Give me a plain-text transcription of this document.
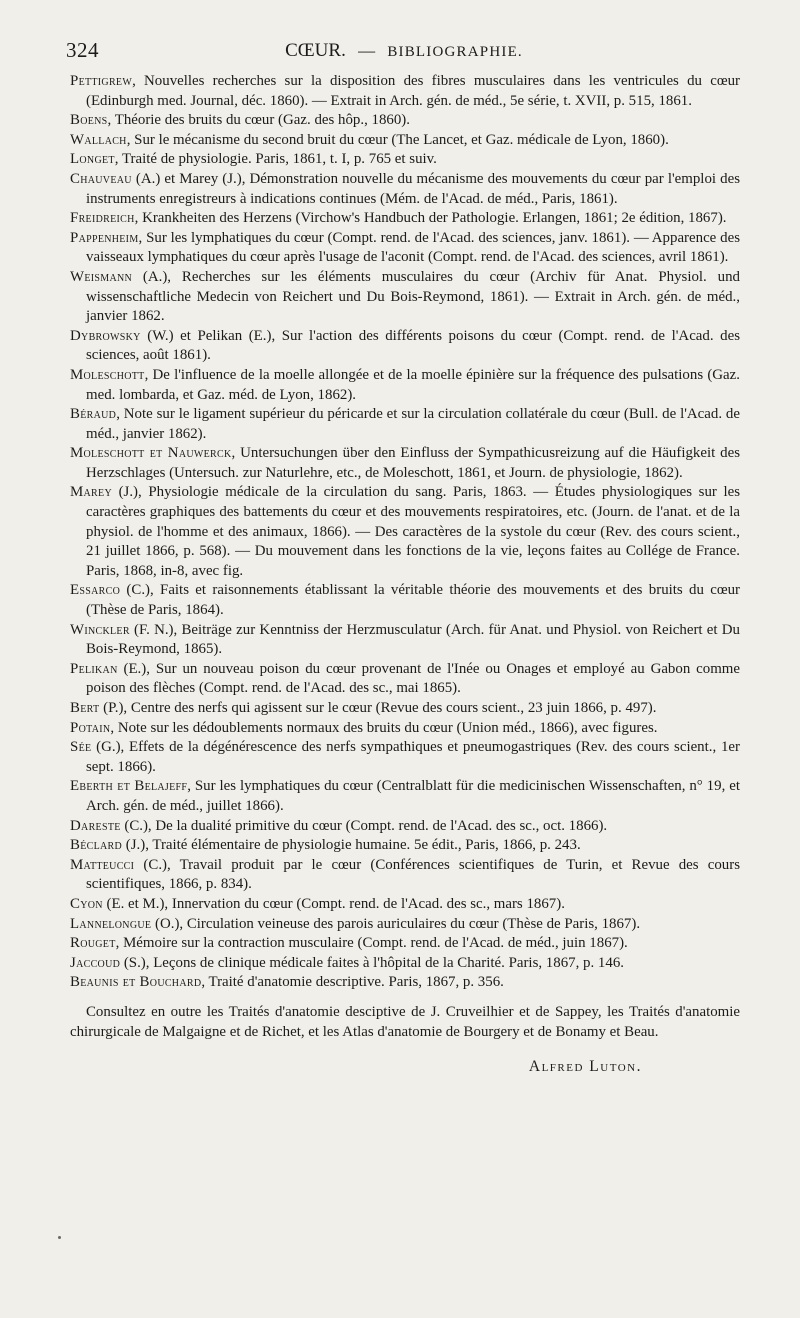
324	CŒUR. — BIBLIOGRAPHIE.

Pettigrew, Nouvelles recherches sur la disposition des fibres musculaires dans les ventricules du cœur (Edinburgh med. Journal, déc. 1860). — Extrait in Arch. gén. de méd., 5e série, t. XVII, p. 515, 1861.

Boens, Théorie des bruits du cœur (Gaz. des hôp., 1860).

Wallach, Sur le mécanisme du second bruit du cœur (The Lancet, et Gaz. médicale de Lyon, 1860).

Longet, Traité de physiologie. Paris, 1861, t. I, p. 765 et suiv.

Chauveau (A.) et Marey (J.), Démonstration nouvelle du mécanisme des mouvements du cœur par l'emploi des instruments enregistreurs à indications continues (Mém. de l'Acad. de méd., Paris, 1861).

Freidreich, Krankheiten des Herzens (Virchow's Handbuch der Pathologie. Erlangen, 1861; 2e édition, 1867).

Pappenheim, Sur les lymphatiques du cœur (Compt. rend. de l'Acad. des sciences, janv. 1861). — Apparence des vaisseaux lymphatiques du cœur après l'usage de l'aconit (Compt. rend. de l'Acad. des sciences, avril 1861).

Weismann (A.), Recherches sur les éléments musculaires du cœur (Archiv für Anat. Physiol. und wissenschaftliche Medecin von Reichert und Du Bois-Reymond, 1861). — Extrait in Arch. gén. de méd., janvier 1862.

Dybrowsky (W.) et Pelikan (E.), Sur l'action des différents poisons du cœur (Compt. rend. de l'Acad. des sciences, août 1861).

Moleschott, De l'influence de la moelle allongée et de la moelle épinière sur la fréquence des pulsations (Gaz. med. lombarda, et Gaz. méd. de Lyon, 1862).

Béraud, Note sur le ligament supérieur du péricarde et sur la circulation collatérale du cœur (Bull. de l'Acad. de méd., janvier 1862).

Moleschott et Nauwerck, Untersuchungen über den Einfluss der Sympathicusreizung auf die Häufigkeit des Herzschlages (Untersuch. zur Naturlehre, etc., de Moleschott, 1861, et Journ. de physiologie, 1862).

Marey (J.), Physiologie médicale de la circulation du sang. Paris, 1863. — Études physiologiques sur les caractères graphiques des battements du cœur et des mouvements respiratoires, etc. (Journ. de l'anat. et de la physiol. de l'homme et des animaux, 1866). — Des caractères de la systole du cœur (Rev. des cours scient., 21 juillet 1866, p. 568). — Du mouvement dans les fonctions de la vie, leçons faites au Collége de France. Paris, 1868, in-8, avec fig.

Essarco (C.), Faits et raisonnements établissant la véritable théorie des mouvements et des bruits du cœur (Thèse de Paris, 1864).

Winckler (F. N.), Beiträge zur Kenntniss der Herzmusculatur (Arch. für Anat. und Physiol. von Reichert et Du Bois-Reymond, 1865).

Pelikan (E.), Sur un nouveau poison du cœur provenant de l'Inée ou Onages et employé au Gabon comme poison des flèches (Compt. rend. de l'Acad. des sc., mai 1865).

Bert (P.), Centre des nerfs qui agissent sur le cœur (Revue des cours scient., 23 juin 1866, p. 497).

Potain, Note sur les dédoublements normaux des bruits du cœur (Union méd., 1866), avec figures.

Sée (G.), Effets de la dégénérescence des nerfs sympathiques et pneumogastriques (Rev. des cours scient., 1er sept. 1866).

Eberth et Belajeff, Sur les lymphatiques du cœur (Centralblatt für die medicinischen Wissenschaften, n° 19, et Arch. gén. de méd., juillet 1866).

Dareste (C.), De la dualité primitive du cœur (Compt. rend. de l'Acad. des sc., oct. 1866).

Béclard (J.), Traité élémentaire de physiologie humaine. 5e édit., Paris, 1866, p. 243.

Matteucci (C.), Travail produit par le cœur (Conférences scientifiques de Turin, et Revue des cours scientifiques, 1866, p. 834).

Cyon (E. et M.), Innervation du cœur (Compt. rend. de l'Acad. des sc., mars 1867).

Lannelongue (O.), Circulation veineuse des parois auriculaires du cœur (Thèse de Paris, 1867).

Rouget, Mémoire sur la contraction musculaire (Compt. rend. de l'Acad. de méd., juin 1867).

Jaccoud (S.), Leçons de clinique médicale faites à l'hôpital de la Charité. Paris, 1867, p. 146.

Beaunis et Bouchard, Traité d'anatomie descriptive. Paris, 1867, p. 356.

Consultez en outre les Traités d'anatomie desciptive de J. Cruveilhier et de Sappey, les Traités d'anatomie chirurgicale de Malgaigne et de Richet, et les Atlas d'anatomie de Bourgery et de Bonamy et Beau.

Alfred Luton.
